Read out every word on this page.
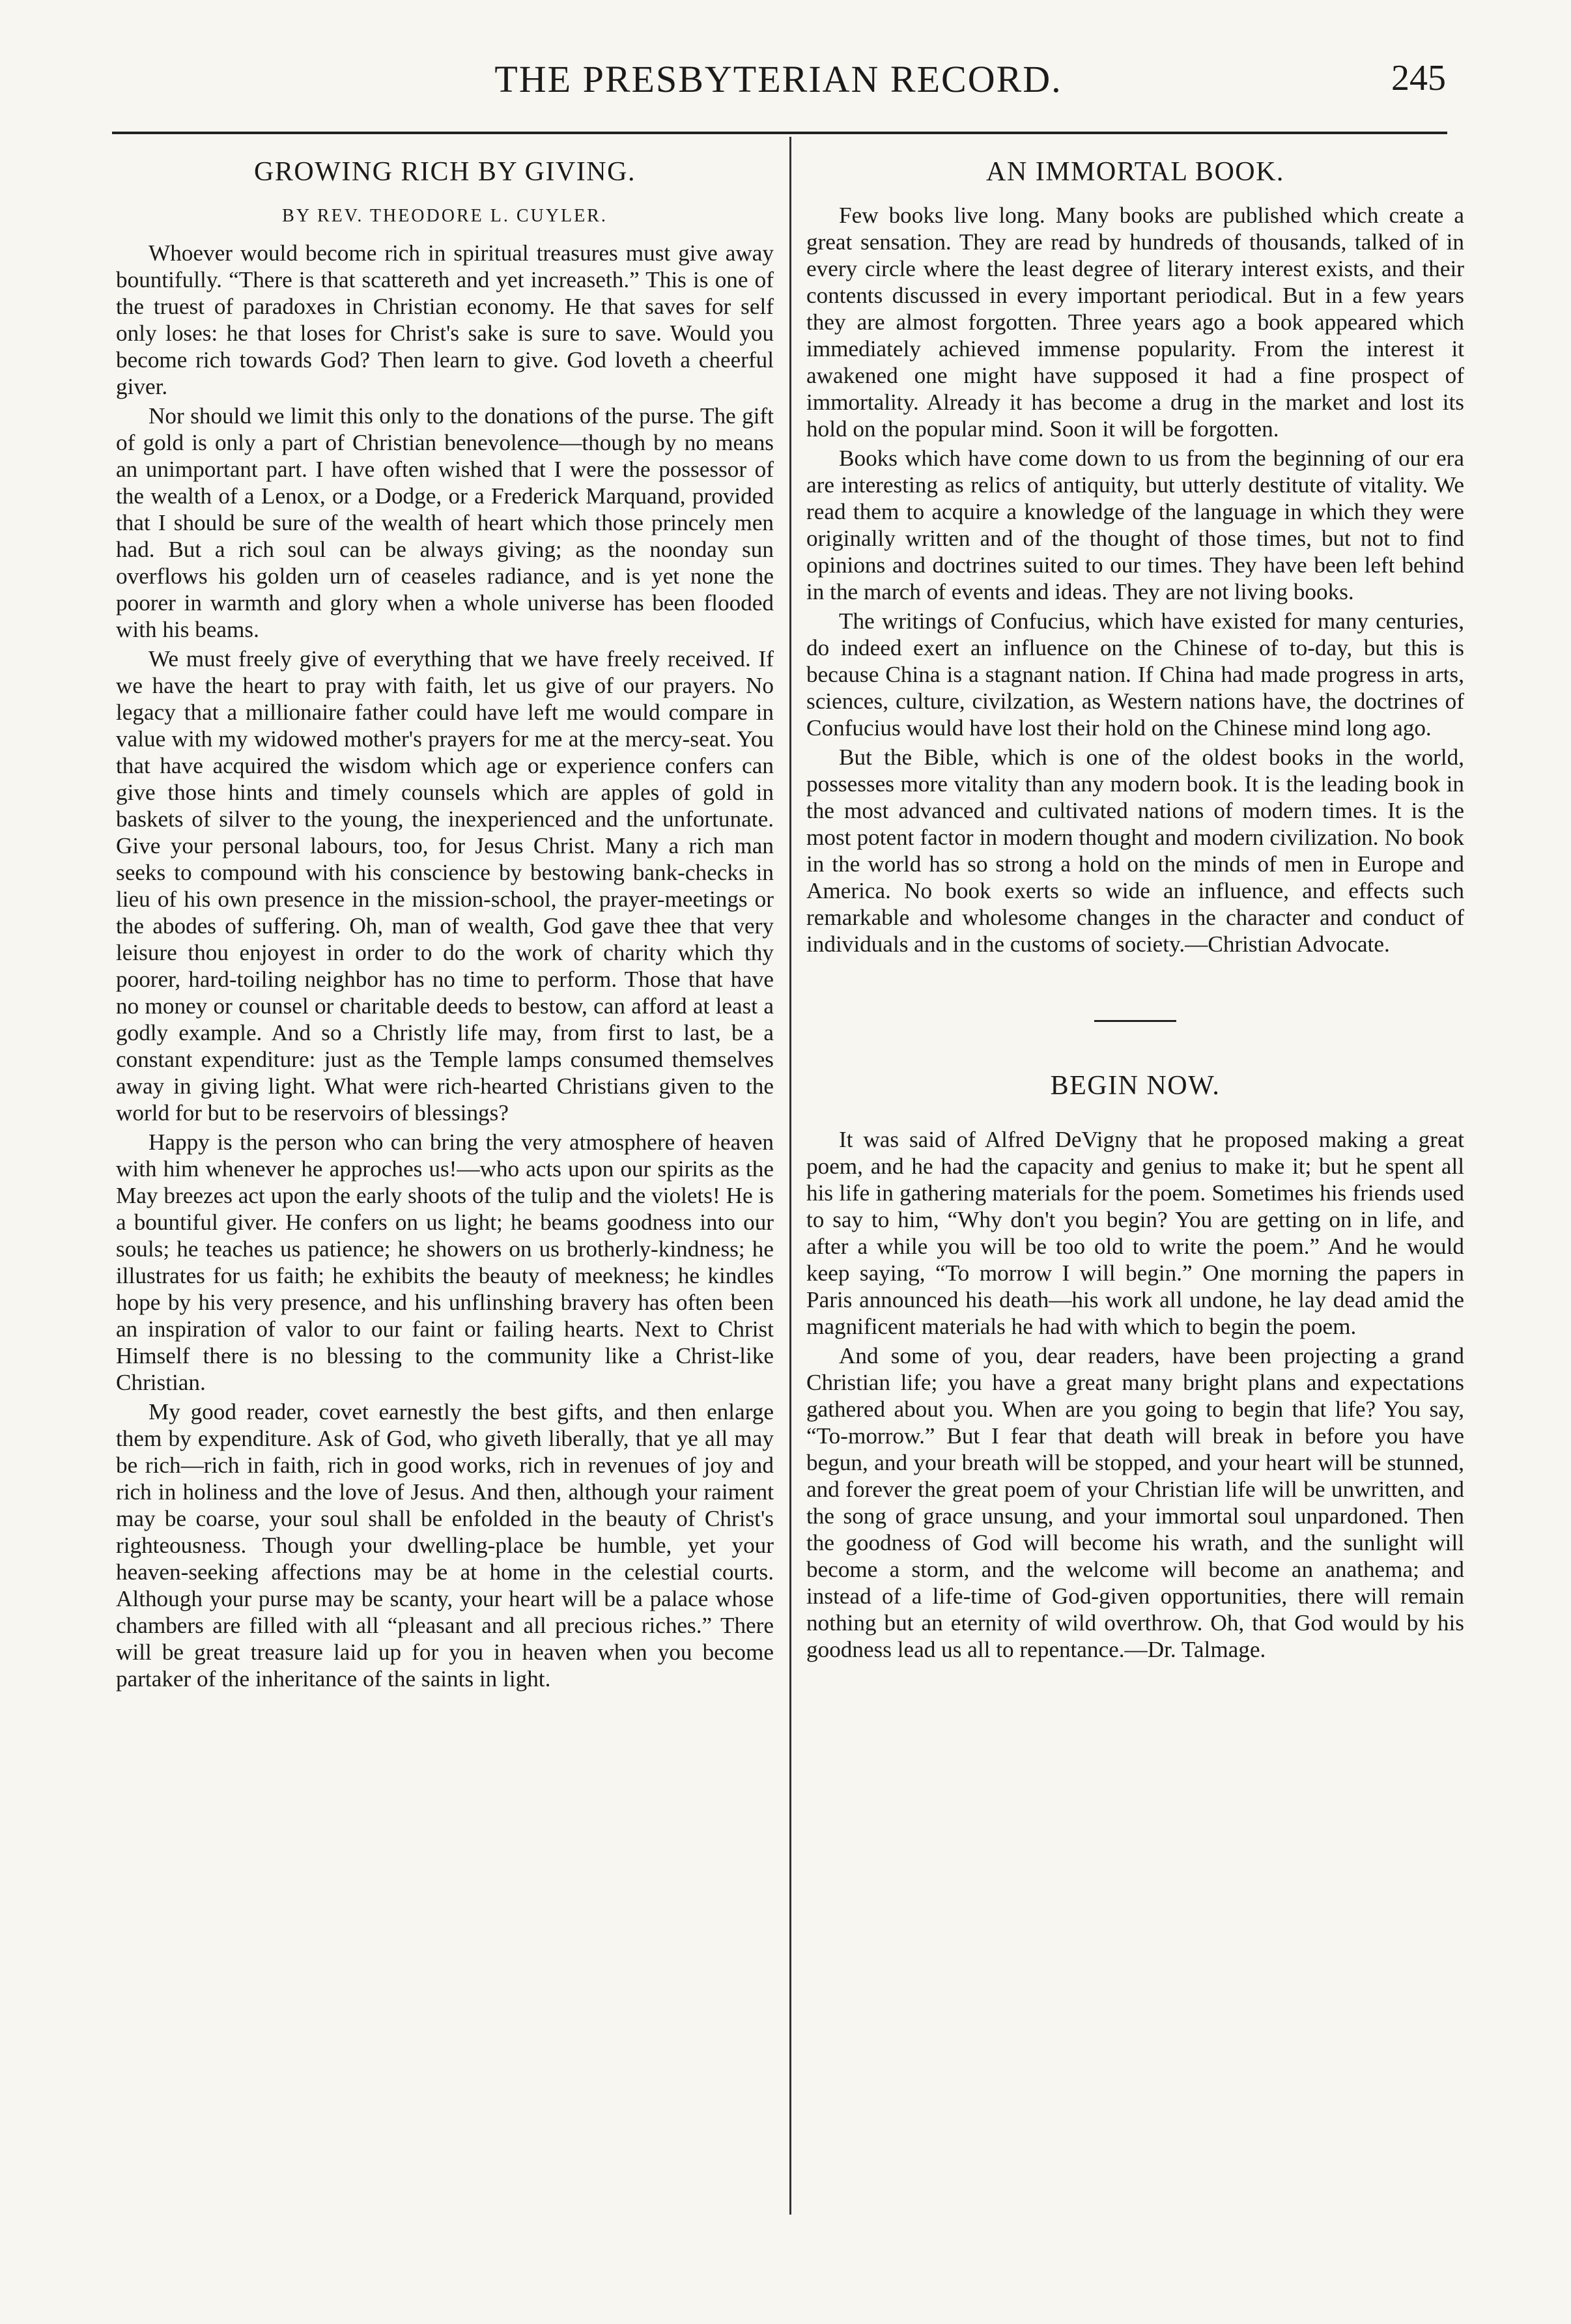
THE PRESBYTERIAN RECORD.	245
GROWING RICH BY GIVING.
BY REV. THEODORE L. CUYLER.

Whoever would become rich in spiritual treasures must give away bountifully. “There is that scattereth and yet increaseth.” This is one of the truest of paradoxes in Christian economy. He that saves for self only loses: he that loses for Christ's sake is sure to save. Would you become rich towards God? Then learn to give. God loveth a cheerful giver.

Nor should we limit this only to the donations of the purse. The gift of gold is only a part of Christian benevolence—though by no means an unimportant part. I have often wished that I were the possessor of the wealth of a Lenox, or a Dodge, or a Frederick Marquand, provided that I should be sure of the wealth of heart which those princely men had. But a rich soul can be always giving; as the noonday sun overflows his golden urn of ceaseles radiance, and is yet none the poorer in warmth and glory when a whole universe has been flooded with his beams.

We must freely give of everything that we have freely received. If we have the heart to pray with faith, let us give of our prayers. No legacy that a millionaire father could have left me would compare in value with my widowed mother's prayers for me at the mercy-seat. You that have acquired the wisdom which age or experience confers can give those hints and timely counsels which are apples of gold in baskets of silver to the young, the inexperienced and the unfortunate. Give your personal labours, too, for Jesus Christ. Many a rich man seeks to compound with his conscience by bestowing bank-checks in lieu of his own presence in the mission-school, the prayer-meetings or the abodes of suffering. Oh, man of wealth, God gave thee that very leisure thou enjoyest in order to do the work of charity which thy poorer, hard-toiling neighbor has no time to perform. Those that have no money or counsel or charitable deeds to bestow, can afford at least a godly example. And so a Christly life may, from first to last, be a constant expenditure: just as the Temple lamps consumed themselves away in giving light. What were rich-hearted Christians given to the world for but to be reservoirs of blessings?

Happy is the person who can bring the very atmosphere of heaven with him whenever he approches us!—who acts upon our spirits as the May breezes act upon the early shoots of the tulip and the violets! He is a bountiful giver. He confers on us light; he beams goodness into our souls; he teaches us patience; he showers on us brotherly-kindness; he illustrates for us faith; he exhibits the beauty of meekness; he kindles hope by his very presence, and his unflinshing bravery has often been an inspiration of valor to our faint or failing hearts. Next to Christ Himself there is no blessing to the community like a Christ-like Christian.

My good reader, covet earnestly the best gifts, and then enlarge them by expenditure. Ask of God, who giveth liberally, that ye all may be rich—rich in faith, rich in good works, rich in revenues of joy and rich in holiness and the love of Jesus. And then, although your raiment may be coarse, your soul shall be enfolded in the beauty of Christ's righteousness. Though your dwelling-place be humble, yet your heaven-seeking affections may be at home in the celestial courts. Although your purse may be scanty, your heart will be a palace whose chambers are filled with all “pleasant and all precious riches.” There will be great treasure laid up for you in heaven when you become partaker of the inheritance of the saints in light.

AN IMMORTAL BOOK.

Few books live long. Many books are published which create a great sensation. They are read by hundreds of thousands, talked of in every circle where the least degree of literary interest exists, and their contents discussed in every important periodical. But in a few years they are almost forgotten. Three years ago a book appeared which immediately achieved immense popularity. From the interest it awakened one might have supposed it had a fine prospect of immortality. Already it has become a drug in the market and lost its hold on the popular mind. Soon it will be forgotten.

Books which have come down to us from the beginning of our era are interesting as relics of antiquity, but utterly destitute of vitality. We read them to acquire a knowledge of the language in which they were originally written and of the thought of those times, but not to find opinions and doctrines suited to our times. They have been left behind in the march of events and ideas. They are not living books.

The writings of Confucius, which have existed for many centuries, do indeed exert an influence on the Chinese of to-day, but this is because China is a stagnant nation. If China had made progress in arts, sciences, culture, civilzation, as Western nations have, the doctrines of Confucius would have lost their hold on the Chinese mind long ago.

But the Bible, which is one of the oldest books in the world, possesses more vitality than any modern book. It is the leading book in the most advanced and cultivated nations of modern times. It is the most potent factor in modern thought and modern civilization. No book in the world has so strong a hold on the minds of men in Europe and America. No book exerts so wide an influence, and effects such remarkable and wholesome changes in the character and conduct of individuals and in the customs of society.—Christian Advocate.

BEGIN NOW.

It was said of Alfred DeVigny that he proposed making a great poem, and he had the capacity and genius to make it; but he spent all his life in gathering materials for the poem. Sometimes his friends used to say to him, “Why don't you begin? You are getting on in life, and after a while you will be too old to write the poem.” And he would keep saying, “To morrow I will begin.” One morning the papers in Paris announced his death—his work all undone, he lay dead amid the magnificent materials he had with which to begin the poem.

And some of you, dear readers, have been projecting a grand Christian life; you have a great many bright plans and expectations gathered about you. When are you going to begin that life? You say, “To-morrow.” But I fear that death will break in before you have begun, and your breath will be stopped, and your heart will be stunned, and forever the great poem of your Christian life will be unwritten, and the song of grace unsung, and your immortal soul unpardoned. Then the goodness of God will become his wrath, and the sunlight will become a storm, and the welcome will become an anathema; and instead of a life-time of God-given opportunities, there will remain nothing but an eternity of wild overthrow. Oh, that God would by his goodness lead us all to repentance.—Dr. Talmage.
